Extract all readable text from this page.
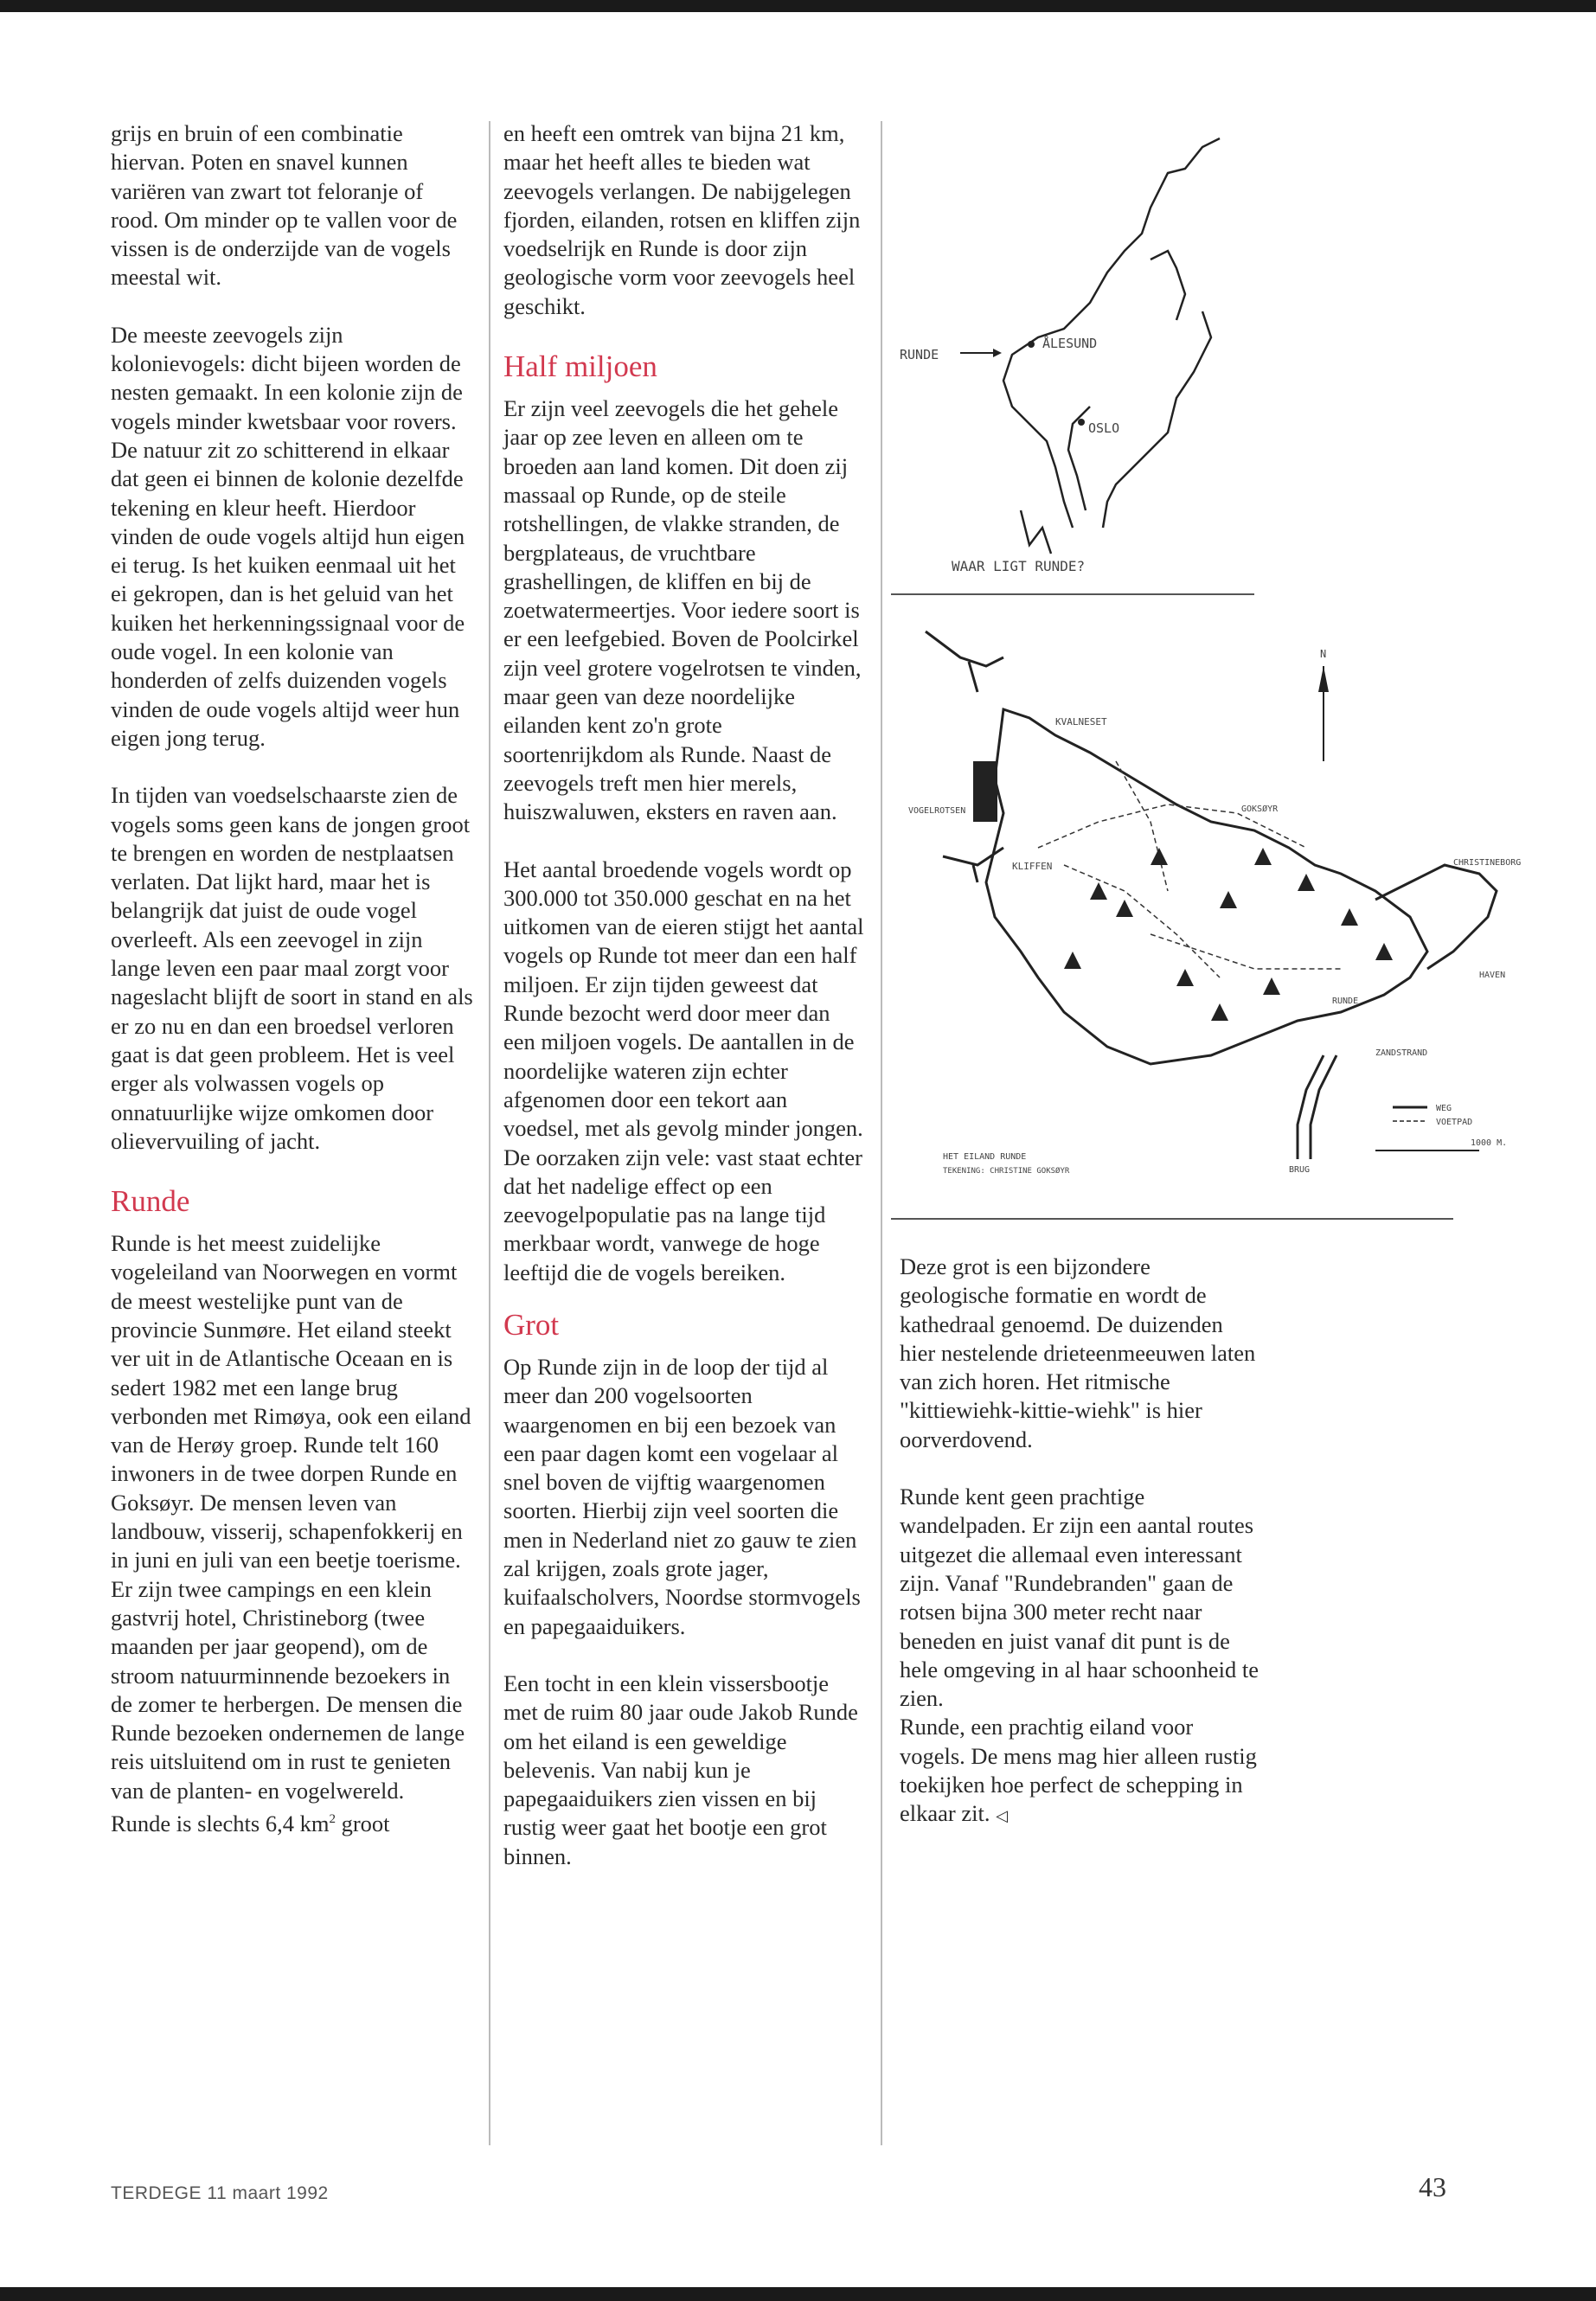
grijs en bruin of een combinatie hiervan. Poten en snavel kunnen variëren van zwart tot feloranje of rood. Om minder op te vallen voor de vissen is de onderzijde van de vogels meestal wit.

De meeste zeevogels zijn kolonievogels: dicht bijeen worden de nesten gemaakt. In een kolonie zijn de vogels minder kwetsbaar voor rovers. De natuur zit zo schitterend in elkaar dat geen ei binnen de kolonie dezelfde tekening en kleur heeft. Hierdoor vinden de oude vogels altijd hun eigen ei terug. Is het kuiken eenmaal uit het ei gekropen, dan is het geluid van het kuiken het herkenningssignaal voor de oude vogel. In een kolonie van honderden of zelfs duizenden vogels vinden de oude vogels altijd weer hun eigen jong terug.

In tijden van voedselschaarste zien de vogels soms geen kans de jongen groot te brengen en worden de nestplaatsen verlaten. Dat lijkt hard, maar het is belangrijk dat juist de oude vogel overleeft. Als een zeevogel in zijn lange leven een paar maal zorgt voor nageslacht blijft de soort in stand en als er zo nu en dan een broedsel verloren gaat is dat geen probleem. Het is veel erger als volwassen vogels op onnatuurlijke wijze omkomen door olievervuiling of jacht.

Runde

Runde is het meest zuidelijke vogeleiland van Noorwegen en vormt de meest westelijke punt van de provincie Sunmøre. Het eiland steekt ver uit in de Atlantische Oceaan en is sedert 1982 met een lange brug verbonden met Rimøya, ook een eiland van de Herøy groep. Runde telt 160 inwoners in de twee dorpen Runde en Goksøyr. De mensen leven van landbouw, visserij, schapenfokkerij en in juni en juli van een beetje toerisme. Er zijn twee campings en een klein gastvrij hotel, Christineborg (twee maanden per jaar geopend), om de stroom natuurminnende bezoekers in de zomer te herbergen. De mensen die Runde bezoeken ondernemen de lange reis uitsluitend om in rust te genieten van de planten- en vogelwereld.

Runde is slechts 6,4 $km^2$ groot

en heeft een omtrek van bijna 21 km, maar het heeft alles te bieden wat zeevogels verlangen. De nabijgelegen fjorden, eilanden, rotsen en kliffen zijn voedselrijk en Runde is door zijn geologische vorm voor zeevogels heel geschikt.

Half miljoen

Er zijn veel zeevogels die het gehele jaar op zee leven en alleen om te broeden aan land komen. Dit doen zij massaal op Runde, op de steile rotshellingen, de vlakke stranden, de bergplateaus, de vruchtbare grashellingen, de kliffen en bij de zoetwatermeertjes. Voor iedere soort is er een leefgebied. Boven de Poolcirkel zijn veel grotere vogelrotsen te vinden, maar geen van deze noordelijke eilanden kent zo'n grote soortenrijkdom als Runde. Naast de zeevogels treft men hier merels, huiszwaluwen, eksters en raven aan.

Het aantal broedende vogels wordt op 300.000 tot 350.000 geschat en na het uitkomen van de eieren stijgt het aantal vogels op Runde tot meer dan een half miljoen. Er zijn tijden geweest dat Runde bezocht werd door meer dan een miljoen vogels. De aantallen in de noordelijke wateren zijn echter afgenomen door een tekort aan voedsel, met als gevolg minder jongen. De oorzaken zijn vele: vast staat echter dat het nadelige effect op een zeevogelpopulatie pas na lange tijd merkbaar wordt, vanwege de hoge leeftijd die de vogels bereiken.

Grot

Op Runde zijn in de loop der tijd al meer dan 200 vogelsoorten waargenomen en bij een bezoek van een paar dagen komt een vogelaar al snel boven de vijftig waargenomen soorten. Hierbij zijn veel soorten die men in Nederland niet zo gauw te zien zal krijgen, zoals grote jager, kuifaalscholvers, Noordse stormvogels en papegaaiduikers.

Een tocht in een klein vissersbootje met de ruim 80 jaar oude Jakob Runde om het eiland is een geweldige belevenis. Van nabij kun je papegaaiduikers zien vissen en bij rustig weer gaat het bootje een grot binnen.

RUNDE
ÅLESUND
OSLO
WAAR LIGT RUNDE?
N
KVALNESET
VOGELROTSEN
KLIFFEN
GOKSØYR
CHRISTINEBORG
HAVEN
RUNDE
ZANDSTRAND
BRUG
WEG
VOETPAD
1000 M.
HET EILAND RUNDE
TEKENING: CHRISTINE GOKSØYR

Deze grot is een bijzondere geologische formatie en wordt de kathedraal genoemd. De duizenden hier nestelende drieteenmeeuwen laten van zich horen. Het ritmische "kittiewiehk-kittie-wiehk" is hier oorverdovend.

Runde kent geen prachtige wandelpaden. Er zijn een aantal routes uitgezet die allemaal even interessant zijn. Vanaf "Rundebranden" gaan de rotsen bijna 300 meter recht naar beneden en juist vanaf dit punt is de hele omgeving in al haar schoonheid te zien.

Runde, een prachtig eiland voor vogels. De mens mag hier alleen rustig toekijken hoe perfect de schepping in elkaar zit. ◁

TERDEGE 11 maart 1992	43
